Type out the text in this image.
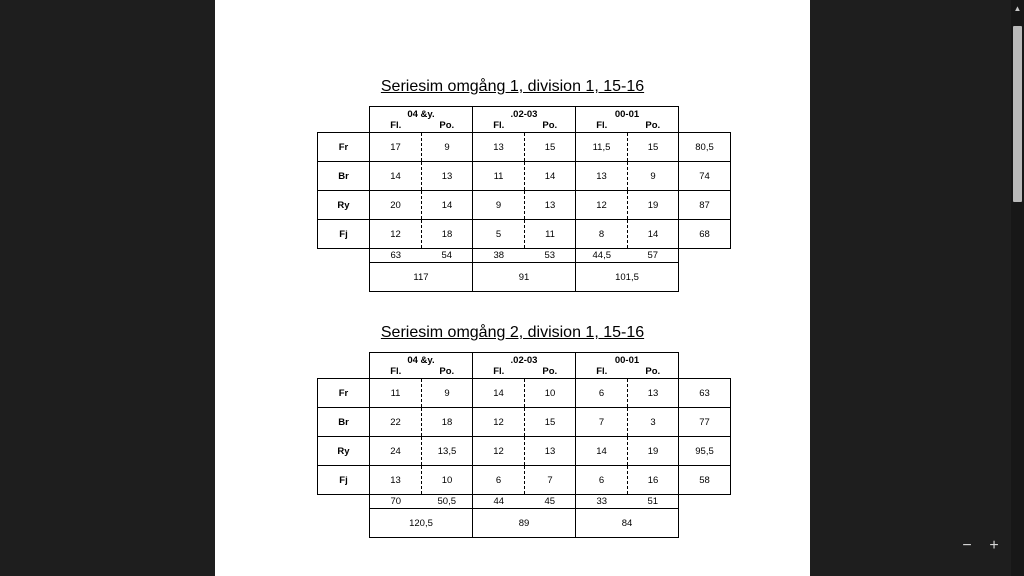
Seriesim omgång 1, division 1, 15-16
	04 &y.		.02-03		00-01		
	Fl.	Po.	Fl.	Po.	Fl.	Po.	
Fr	17	9	13	15	11,5	15	80,5
Br	14	13	11	14	13	9	74
Ry	20	14	9	13	12	19	87
Fj	12	18	5	11	8	14	68
	63	54	38	53	44,5	57	
	117		91		101,5		
Seriesim omgång 2, division 1, 15-16
	04 &y.		.02-03		00-01		
	Fl.	Po.	Fl.	Po.	Fl.	Po.	
Fr	11	9	14	10	6	13	63
Br	22	18	12	15	7	3	77
Ry	24	13,5	12	13	14	19	95,5
Fj	13	10	6	7	6	16	58
	70	50,5	44	45	33	51	
	120,5		89		84		
▲
− +
